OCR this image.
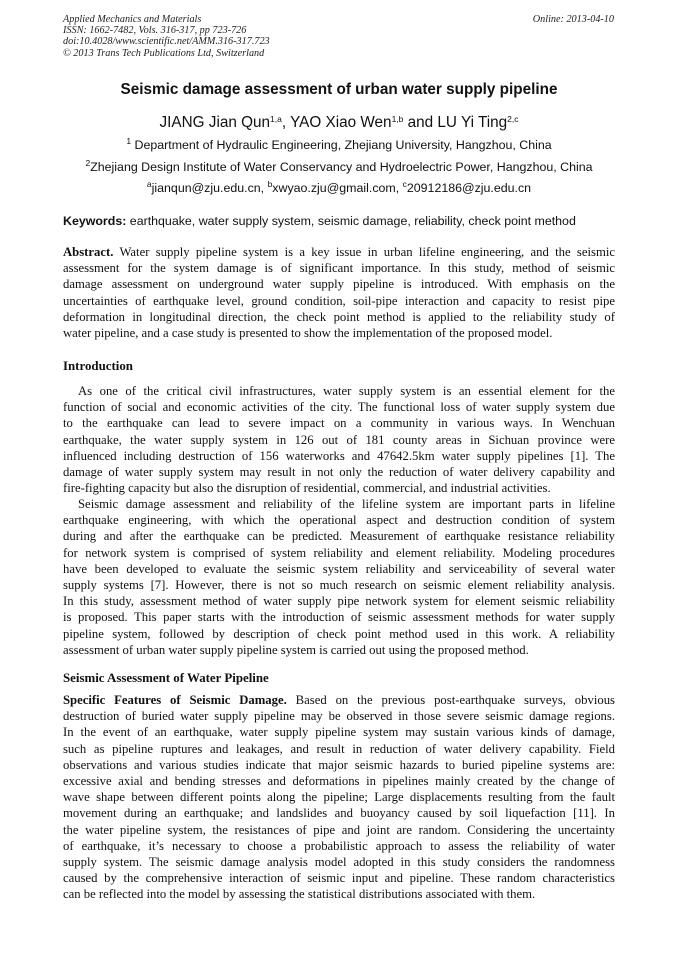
Applied Mechanics and Materials
ISSN: 1662-7482, Vols. 316-317, pp 723-726
doi:10.4028/www.scientific.net/AMM.316-317.723
© 2013 Trans Tech Publications Ltd, Switzerland
Online: 2013-04-10
Seismic damage assessment of urban water supply pipeline
JIANG Jian Qun$^{1,a}$, YAO Xiao Wen$^{1,b}$ and LU Yi Ting$^{2,c}$
$^1$ Department of Hydraulic Engineering, Zhejiang University, Hangzhou, China
$^2$Zhejiang Design Institute of Water Conservancy and Hydroelectric Power, Hangzhou, China
$^a$jianqun@zju.edu.cn, $^b$xwyao.zju@gmail.com, $^c$20912186@zju.edu.cn
Keywords: earthquake, water supply system, seismic damage, reliability, check point method
Abstract. Water supply pipeline system is a key issue in urban lifeline engineering, and the seismic
assessment for the system damage is of significant importance. In this study, method of seismic
damage assessment on underground water supply pipeline is introduced. With emphasis on the
uncertainties of earthquake level, ground condition, soil-pipe interaction and capacity to resist pipe
deformation in longitudinal direction, the check point method is applied to the reliability study of
water pipeline, and a case study is presented to show the implementation of the proposed model.
Introduction
As one of the critical civil infrastructures, water supply system is an essential element for the
function of social and economic activities of the city. The functional loss of water supply system due
to the earthquake can lead to severe impact on a community in various ways. In Wenchuan
earthquake, the water supply system in 126 out of 181 county areas in Sichuan province were
influenced including destruction of 156 waterworks and 47642.5km water supply pipelines [1]. The
damage of water supply system may result in not only the reduction of water delivery capability and
fire-fighting capacity but also the disruption of residential, commercial, and industrial activities.
Seismic damage assessment and reliability of the lifeline system are important parts in lifeline
earthquake engineering, with which the operational aspect and destruction condition of system
during and after the earthquake can be predicted. Measurement of earthquake resistance reliability
for network system is comprised of system reliability and element reliability. Modeling procedures
have been developed to evaluate the seismic system reliability and serviceability of several water
supply systems [7]. However, there is not so much research on seismic element reliability analysis.
In this study, assessment method of water supply pipe network system for element seismic reliability
is proposed. This paper starts with the introduction of seismic assessment methods for water supply
pipeline system, followed by description of check point method used in this work. A reliability
assessment of urban water supply pipeline system is carried out using the proposed method.
Seismic Assessment of Water Pipeline
Specific Features of Seismic Damage. Based on the previous post-earthquake surveys, obvious
destruction of buried water supply pipeline may be observed in those severe seismic damage regions.
In the event of an earthquake, water supply pipeline system may sustain various kinds of damage,
such as pipeline ruptures and leakages, and result in reduction of water delivery capability. Field
observations and various studies indicate that major seismic hazards to buried pipeline systems are:
excessive axial and bending stresses and deformations in pipelines mainly created by the change of
wave shape between different points along the pipeline; Large displacements resulting from the fault
movement during an earthquake; and landslides and buoyancy caused by soil liquefaction [11]. In
the water pipeline system, the resistances of pipe and joint are random. Considering the uncertainty
of earthquake, it’s necessary to choose a probabilistic approach to assess the reliability of water
supply system. The seismic damage analysis model adopted in this study considers the randomness
caused by the comprehensive interaction of seismic input and pipeline. These random characteristics
can be reflected into the model by assessing the statistical distributions associated with them.
